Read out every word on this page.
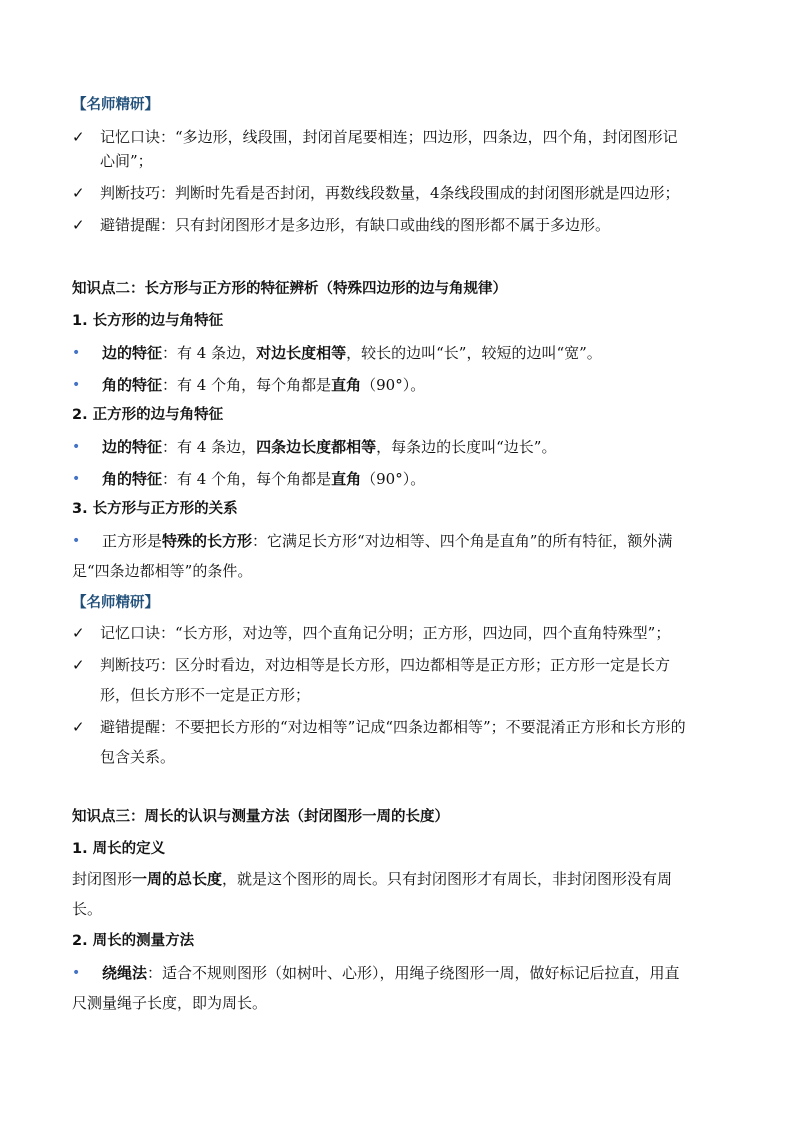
【名师精研】
✓ 记忆口诀：“多边形，线段围，封闭首尾要相连；四边形，四条边，四个角，封闭图形记
心间”；
✓ 判断技巧：判断时先看是否封闭，再数线段数量，4条线段围成的封闭图形就是四边形；
✓ 避错提醒：只有封闭图形才是多边形，有缺口或曲线的图形都不属于多边形。
知识点二：长方形与正方形的特征辨析（特殊四边形的边与角规律）
1. 长方形的边与角特征
•	边的特征：有 4 条边，对边长度相等，较长的边叫“长”，较短的边叫“宽”。
•	角的特征：有 4 个角，每个角都是直角（90°）。
2. 正方形的边与角特征
•	边的特征：有 4 条边，四条边长度都相等，每条边的长度叫“边长”。
•	角的特征：有 4 个角，每个角都是直角（90°）。
3. 长方形与正方形的关系
•	正方形是特殊的长方形：它满足长方形“对边相等、四个角是直角”的所有特征，额外满
足“四条边都相等”的条件。
【名师精研】
✓ 记忆口诀：“长方形，对边等，四个直角记分明；正方形，四边同，四个直角特殊型”；
✓ 判断技巧：区分时看边，对边相等是长方形，四边都相等是正方形；正方形一定是长方
形，但长方形不一定是正方形；
✓ 避错提醒：不要把长方形的“对边相等”记成“四条边都相等”；不要混淆正方形和长方形的
包含关系。
知识点三：周长的认识与测量方法（封闭图形一周的长度）
1. 周长的定义
封闭图形一周的总长度，就是这个图形的周长。只有封闭图形才有周长，非封闭图形没有周
长。
2. 周长的测量方法
•	绕绳法：适合不规则图形（如树叶、心形），用绳子绕图形一周，做好标记后拉直，用直
尺测量绳子长度，即为周长。
